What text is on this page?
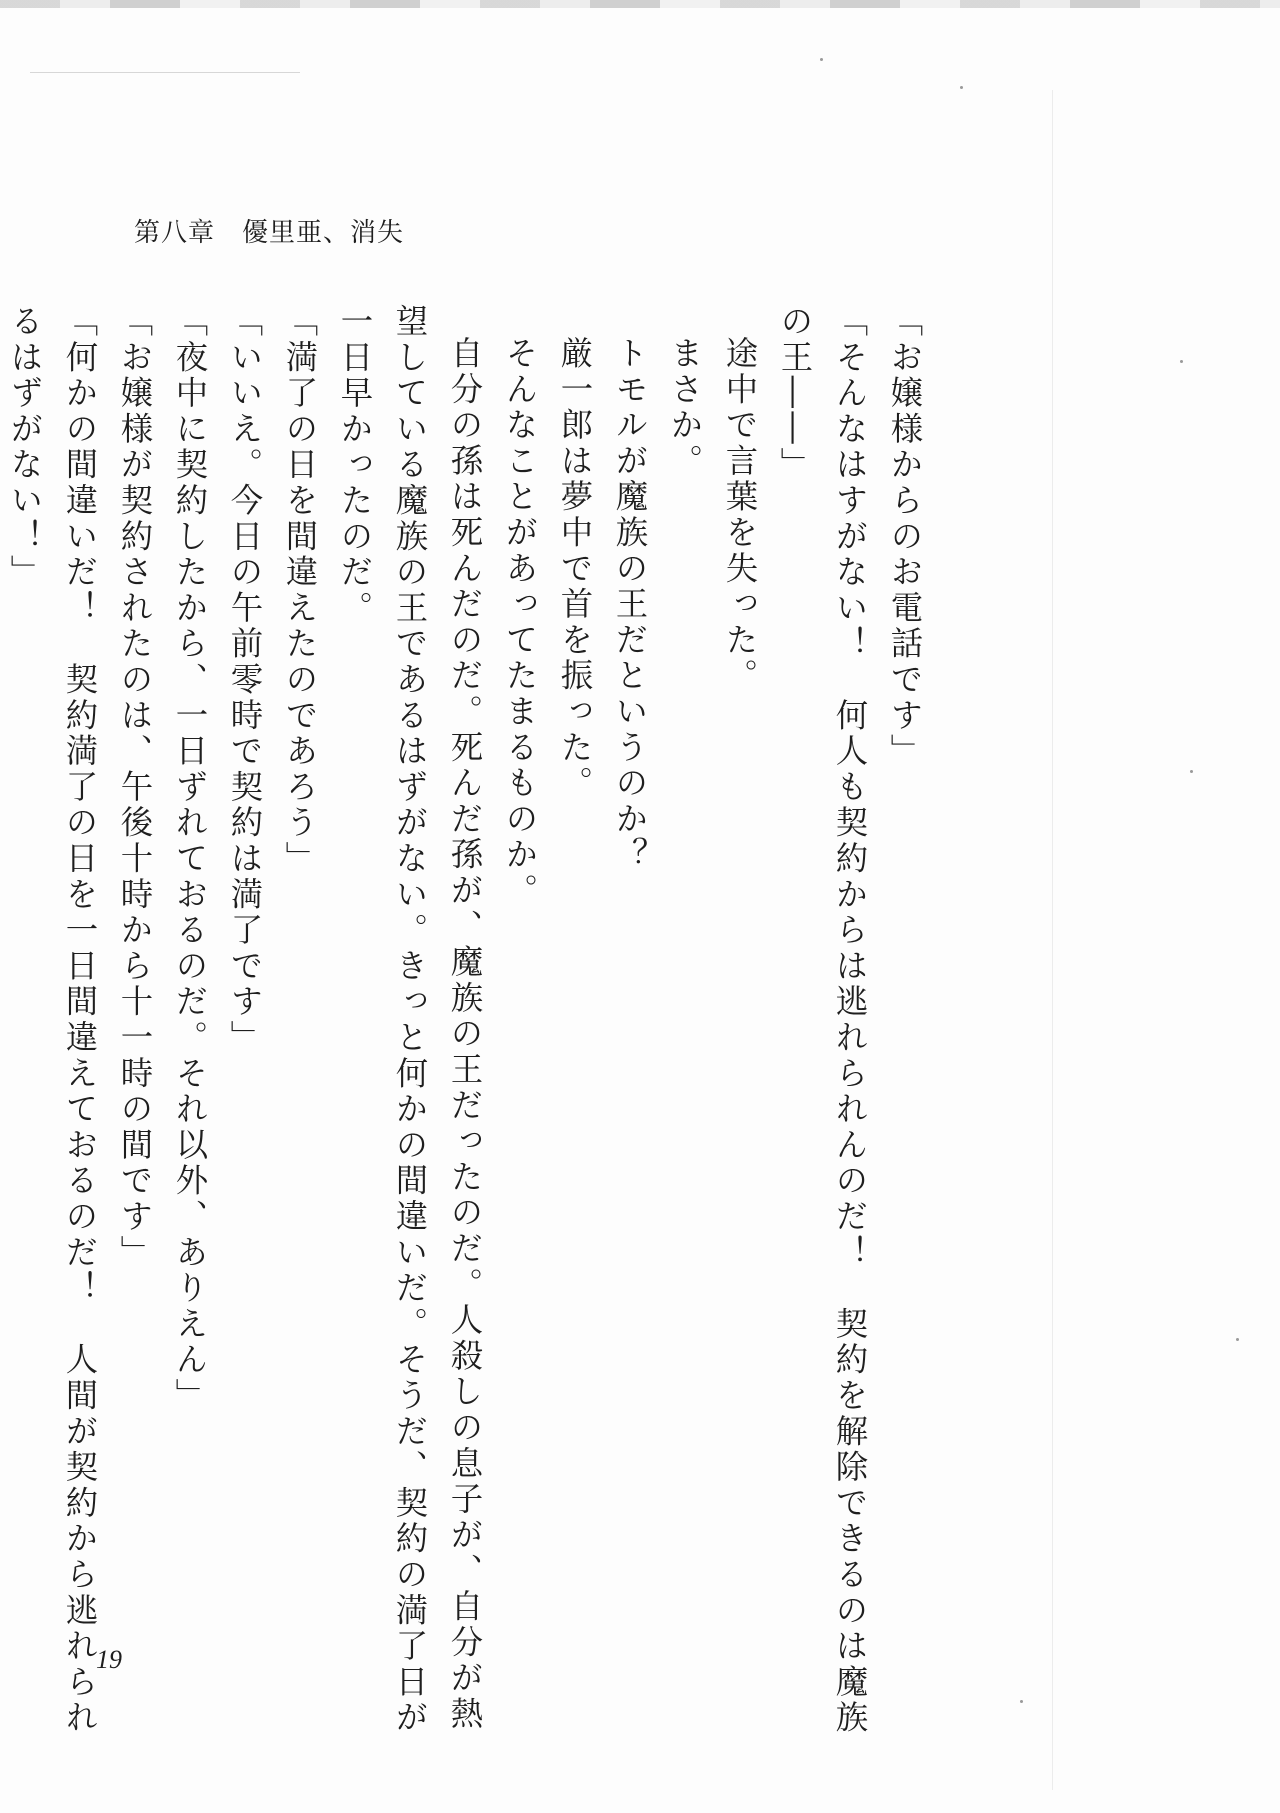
第八章　優里亜、消失
「お嬢様からのお電話です」
「そんなはすがない！　何人も契約からは逃れられんのだ！　契約を解除できるのは魔族
の王――」
途中で言葉を失った。
まさか。
トモルが魔族の王だというのか？
厳一郎は夢中で首を振った。
そんなことがあってたまるものか。
自分の孫は死んだのだ。死んだ孫が、魔族の王だったのだ。人殺しの息子が、自分が熱
望している魔族の王であるはずがない。きっと何かの間違いだ。そうだ、契約の満了日が
一日早かったのだ。
「満了の日を間違えたのであろう」
「いいえ。今日の午前零時で契約は満了です」
「夜中に契約したから、一日ずれておるのだ。それ以外、ありえん」
「お嬢様が契約されたのは、午後十時から十一時の間です」
「何かの間違いだ！　契約満了の日を一日間違えておるのだ！　人間が契約から逃れられ
るはずがない！」
19
